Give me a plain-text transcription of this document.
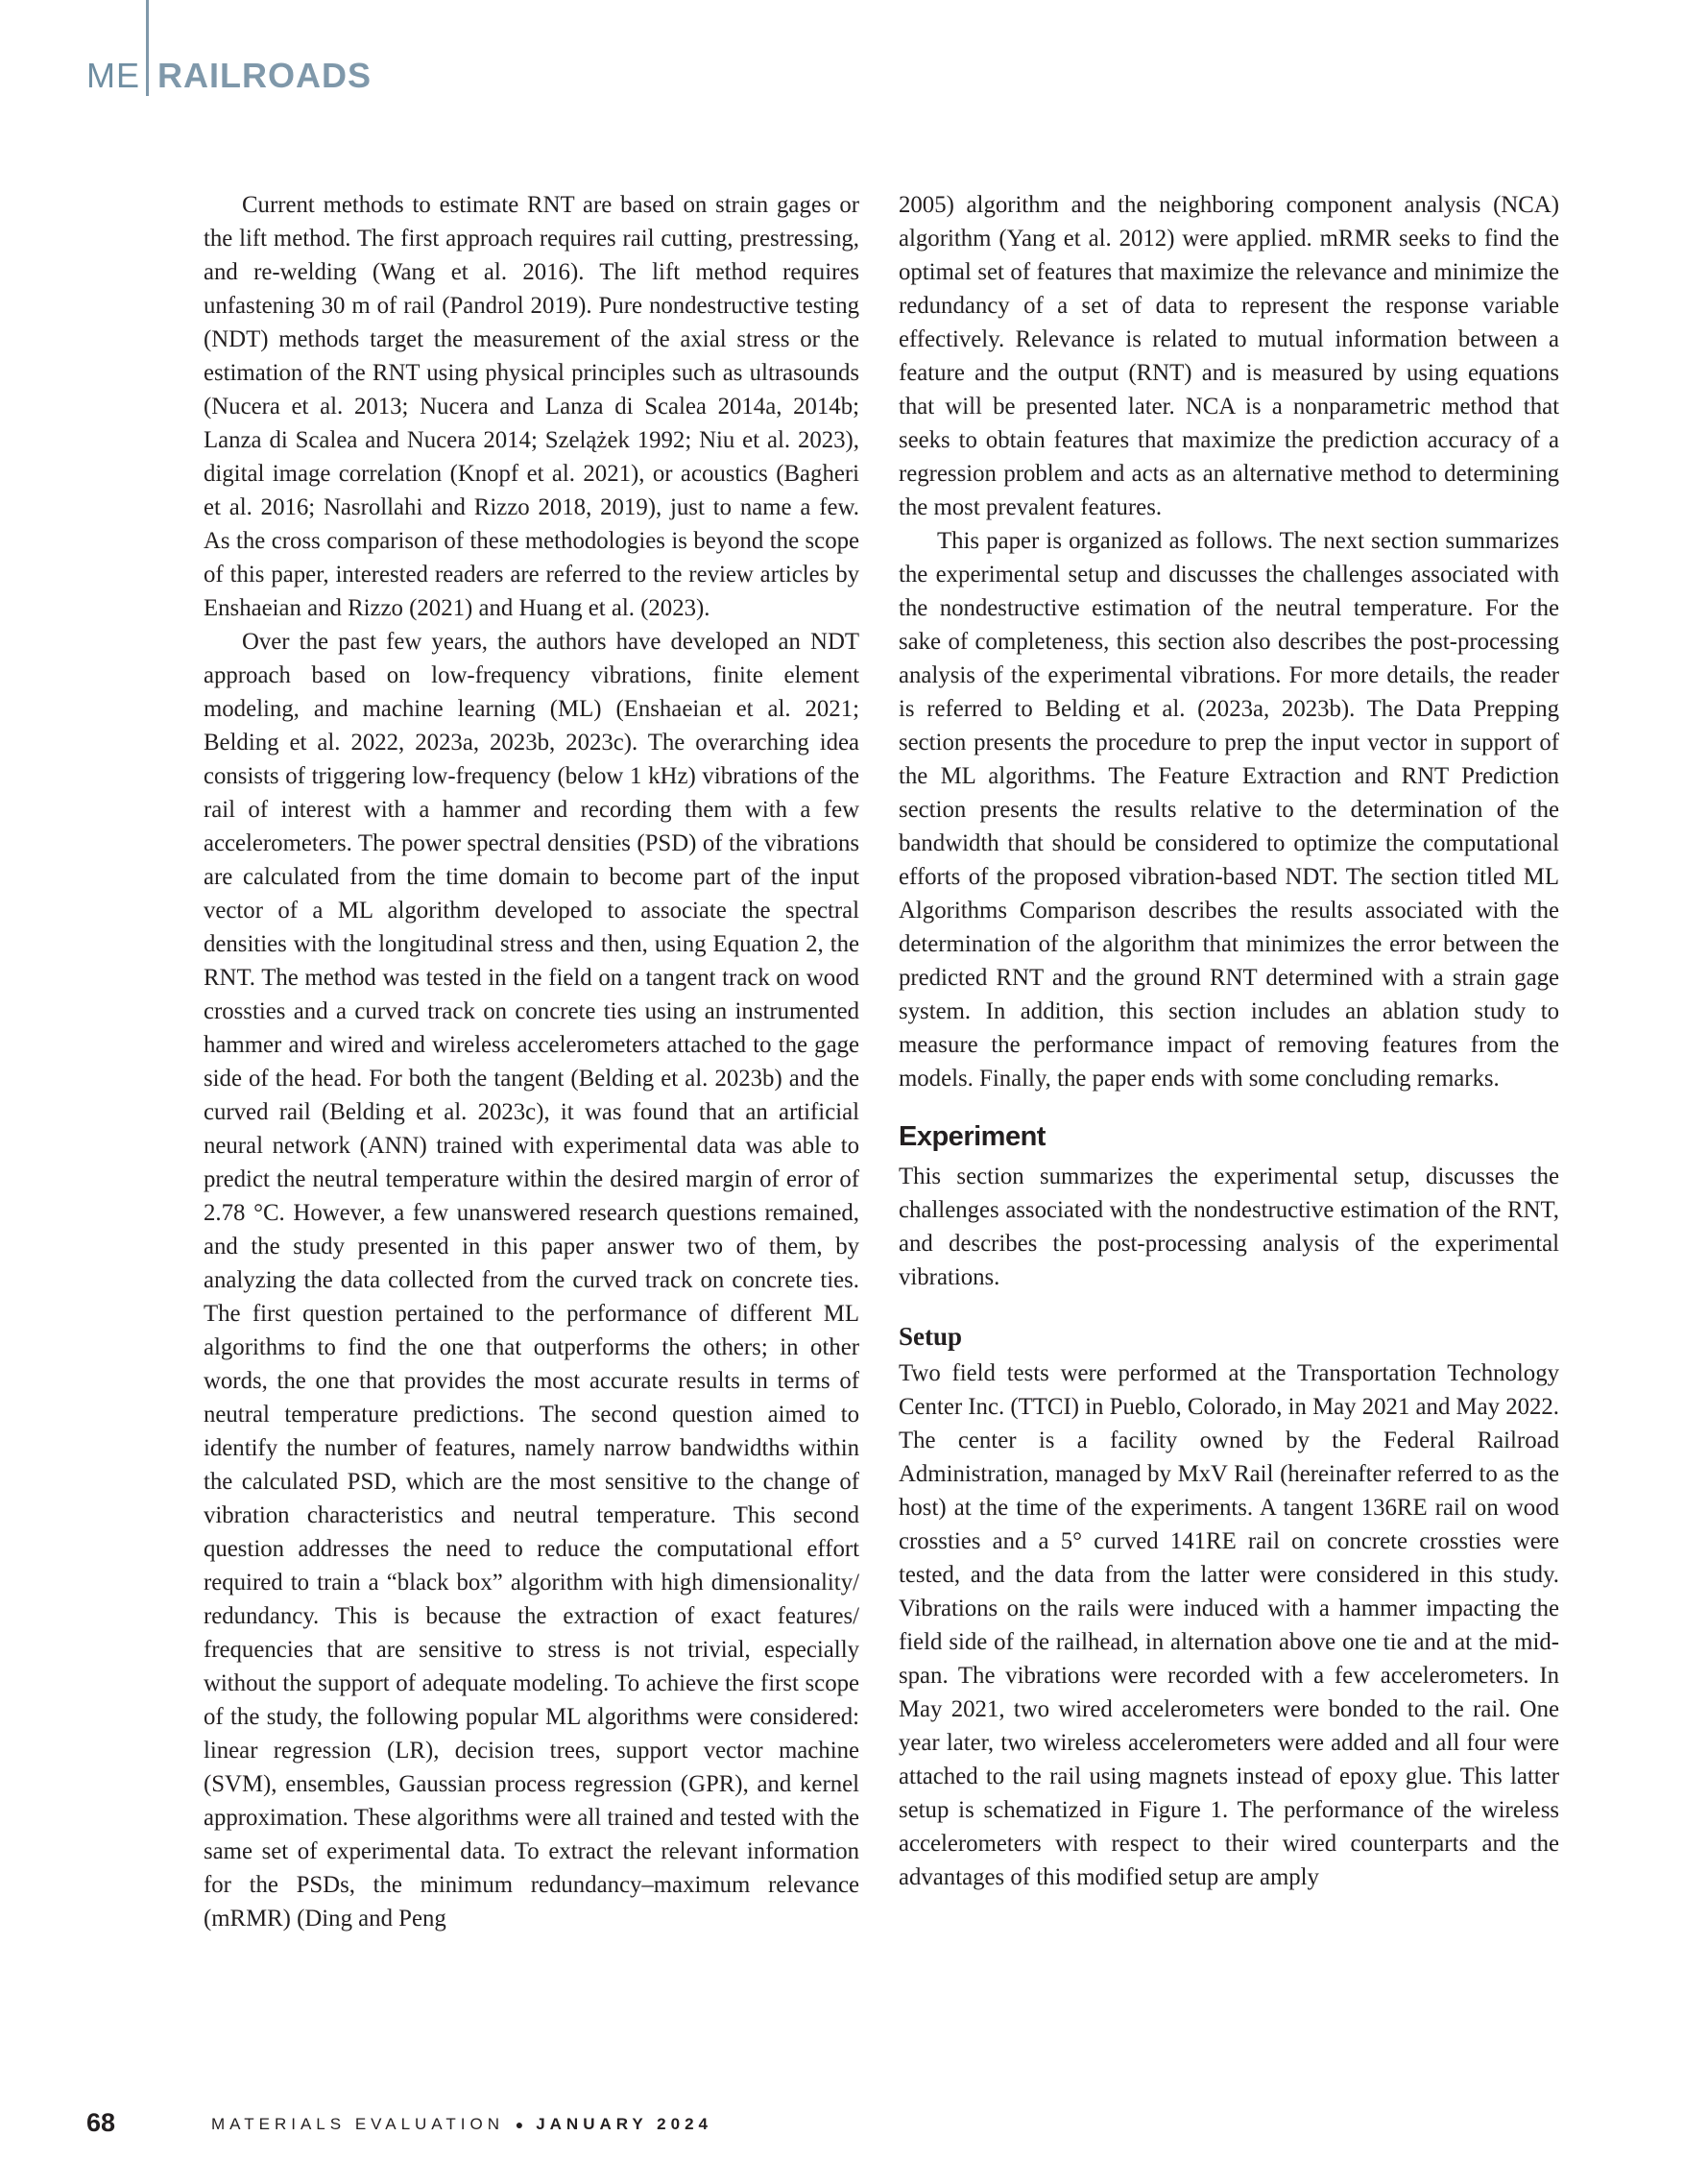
ME RAILROADS

Current methods to estimate RNT are based on strain gages or the lift method. The first approach requires rail cutting, prestressing, and re-welding (Wang et al. 2016). The lift method requires unfastening 30 m of rail (Pandrol 2019). Pure nondestructive testing (NDT) methods target the measurement of the axial stress or the estimation of the RNT using physical principles such as ultrasounds (Nucera et al. 2013; Nucera and Lanza di Scalea 2014a, 2014b; Lanza di Scalea and Nucera 2014; Szelążek 1992; Niu et al. 2023), digital image correlation (Knopf et al. 2021), or acoustics (Bagheri et al. 2016; Nasrollahi and Rizzo 2018, 2019), just to name a few. As the cross comparison of these methodologies is beyond the scope of this paper, interested readers are referred to the review articles by Enshaeian and Rizzo (2021) and Huang et al. (2023).

Over the past few years, the authors have developed an NDT approach based on low-frequency vibrations, finite element modeling, and machine learning (ML) (Enshaeian et al. 2021; Belding et al. 2022, 2023a, 2023b, 2023c). The overarching idea consists of triggering low-frequency (below 1 kHz) vibrations of the rail of interest with a hammer and recording them with a few accelerometers. The power spectral densities (PSD) of the vibrations are calculated from the time domain to become part of the input vector of a ML algorithm developed to associate the spectral densities with the longitudinal stress and then, using Equation 2, the RNT. The method was tested in the field on a tangent track on wood crossties and a curved track on concrete ties using an instrumented hammer and wired and wireless accelerometers attached to the gage side of the head. For both the tangent (Belding et al. 2023b) and the curved rail (Belding et al. 2023c), it was found that an artificial neural network (ANN) trained with experimental data was able to predict the neutral temperature within the desired margin of error of 2.78 °C. However, a few unanswered research questions remained, and the study presented in this paper answer two of them, by analyzing the data collected from the curved track on concrete ties. The first question pertained to the performance of different ML algorithms to find the one that outperforms the others; in other words, the one that provides the most accurate results in terms of neutral temperature predictions. The second question aimed to identify the number of features, namely narrow bandwidths within the calculated PSD, which are the most sensitive to the change of vibration characteristics and neutral temperature. This second question addresses the need to reduce the computational effort required to train a “black box” algorithm with high dimensionality/ redundancy. This is because the extraction of exact features/ frequencies that are sensitive to stress is not trivial, especially without the support of adequate modeling. To achieve the first scope of the study, the following popular ML algorithms were considered: linear regression (LR), decision trees, support vector machine (SVM), ensembles, Gaussian process regression (GPR), and kernel approximation. These algorithms were all trained and tested with the same set of experimental data. To extract the relevant information for the PSDs, the minimum redundancy–maximum relevance (mRMR) (Ding and Peng

2005) algorithm and the neighboring component analysis (NCA) algorithm (Yang et al. 2012) were applied. mRMR seeks to find the optimal set of features that maximize the relevance and minimize the redundancy of a set of data to represent the response variable effectively. Relevance is related to mutual information between a feature and the output (RNT) and is measured by using equations that will be presented later. NCA is a nonparametric method that seeks to obtain features that maximize the prediction accuracy of a regression problem and acts as an alternative method to determining the most prevalent features.

This paper is organized as follows. The next section summarizes the experimental setup and discusses the challenges associated with the nondestructive estimation of the neutral temperature. For the sake of completeness, this section also describes the post-processing analysis of the experimental vibrations. For more details, the reader is referred to Belding et al. (2023a, 2023b). The Data Prepping section presents the procedure to prep the input vector in support of the ML algorithms. The Feature Extraction and RNT Prediction section presents the results relative to the determination of the bandwidth that should be considered to optimize the computational efforts of the proposed vibration-based NDT. The section titled ML Algorithms Comparison describes the results associated with the determination of the algorithm that minimizes the error between the predicted RNT and the ground RNT determined with a strain gage system. In addition, this section includes an ablation study to measure the performance impact of removing features from the models. Finally, the paper ends with some concluding remarks.

Experiment

This section summarizes the experimental setup, discusses the challenges associated with the nondestructive estimation of the RNT, and describes the post-processing analysis of the experimental vibrations.

Setup

Two field tests were performed at the Transportation Technology Center Inc. (TTCI) in Pueblo, Colorado, in May 2021 and May 2022. The center is a facility owned by the Federal Railroad Administration, managed by MxV Rail (hereinafter referred to as the host) at the time of the experiments. A tangent 136RE rail on wood crossties and a 5° curved 141RE rail on concrete crossties were tested, and the data from the latter were considered in this study. Vibrations on the rails were induced with a hammer impacting the field side of the railhead, in alternation above one tie and at the mid-span. The vibrations were recorded with a few accelerometers. In May 2021, two wired accelerometers were bonded to the rail. One year later, two wireless accelerometers were added and all four were attached to the rail using magnets instead of epoxy glue. This latter setup is schematized in Figure 1. The performance of the wireless accelerometers with respect to their wired counterparts and the advantages of this modified setup are amply

68	MATERIALS EVALUATION ● JANUARY 2024
